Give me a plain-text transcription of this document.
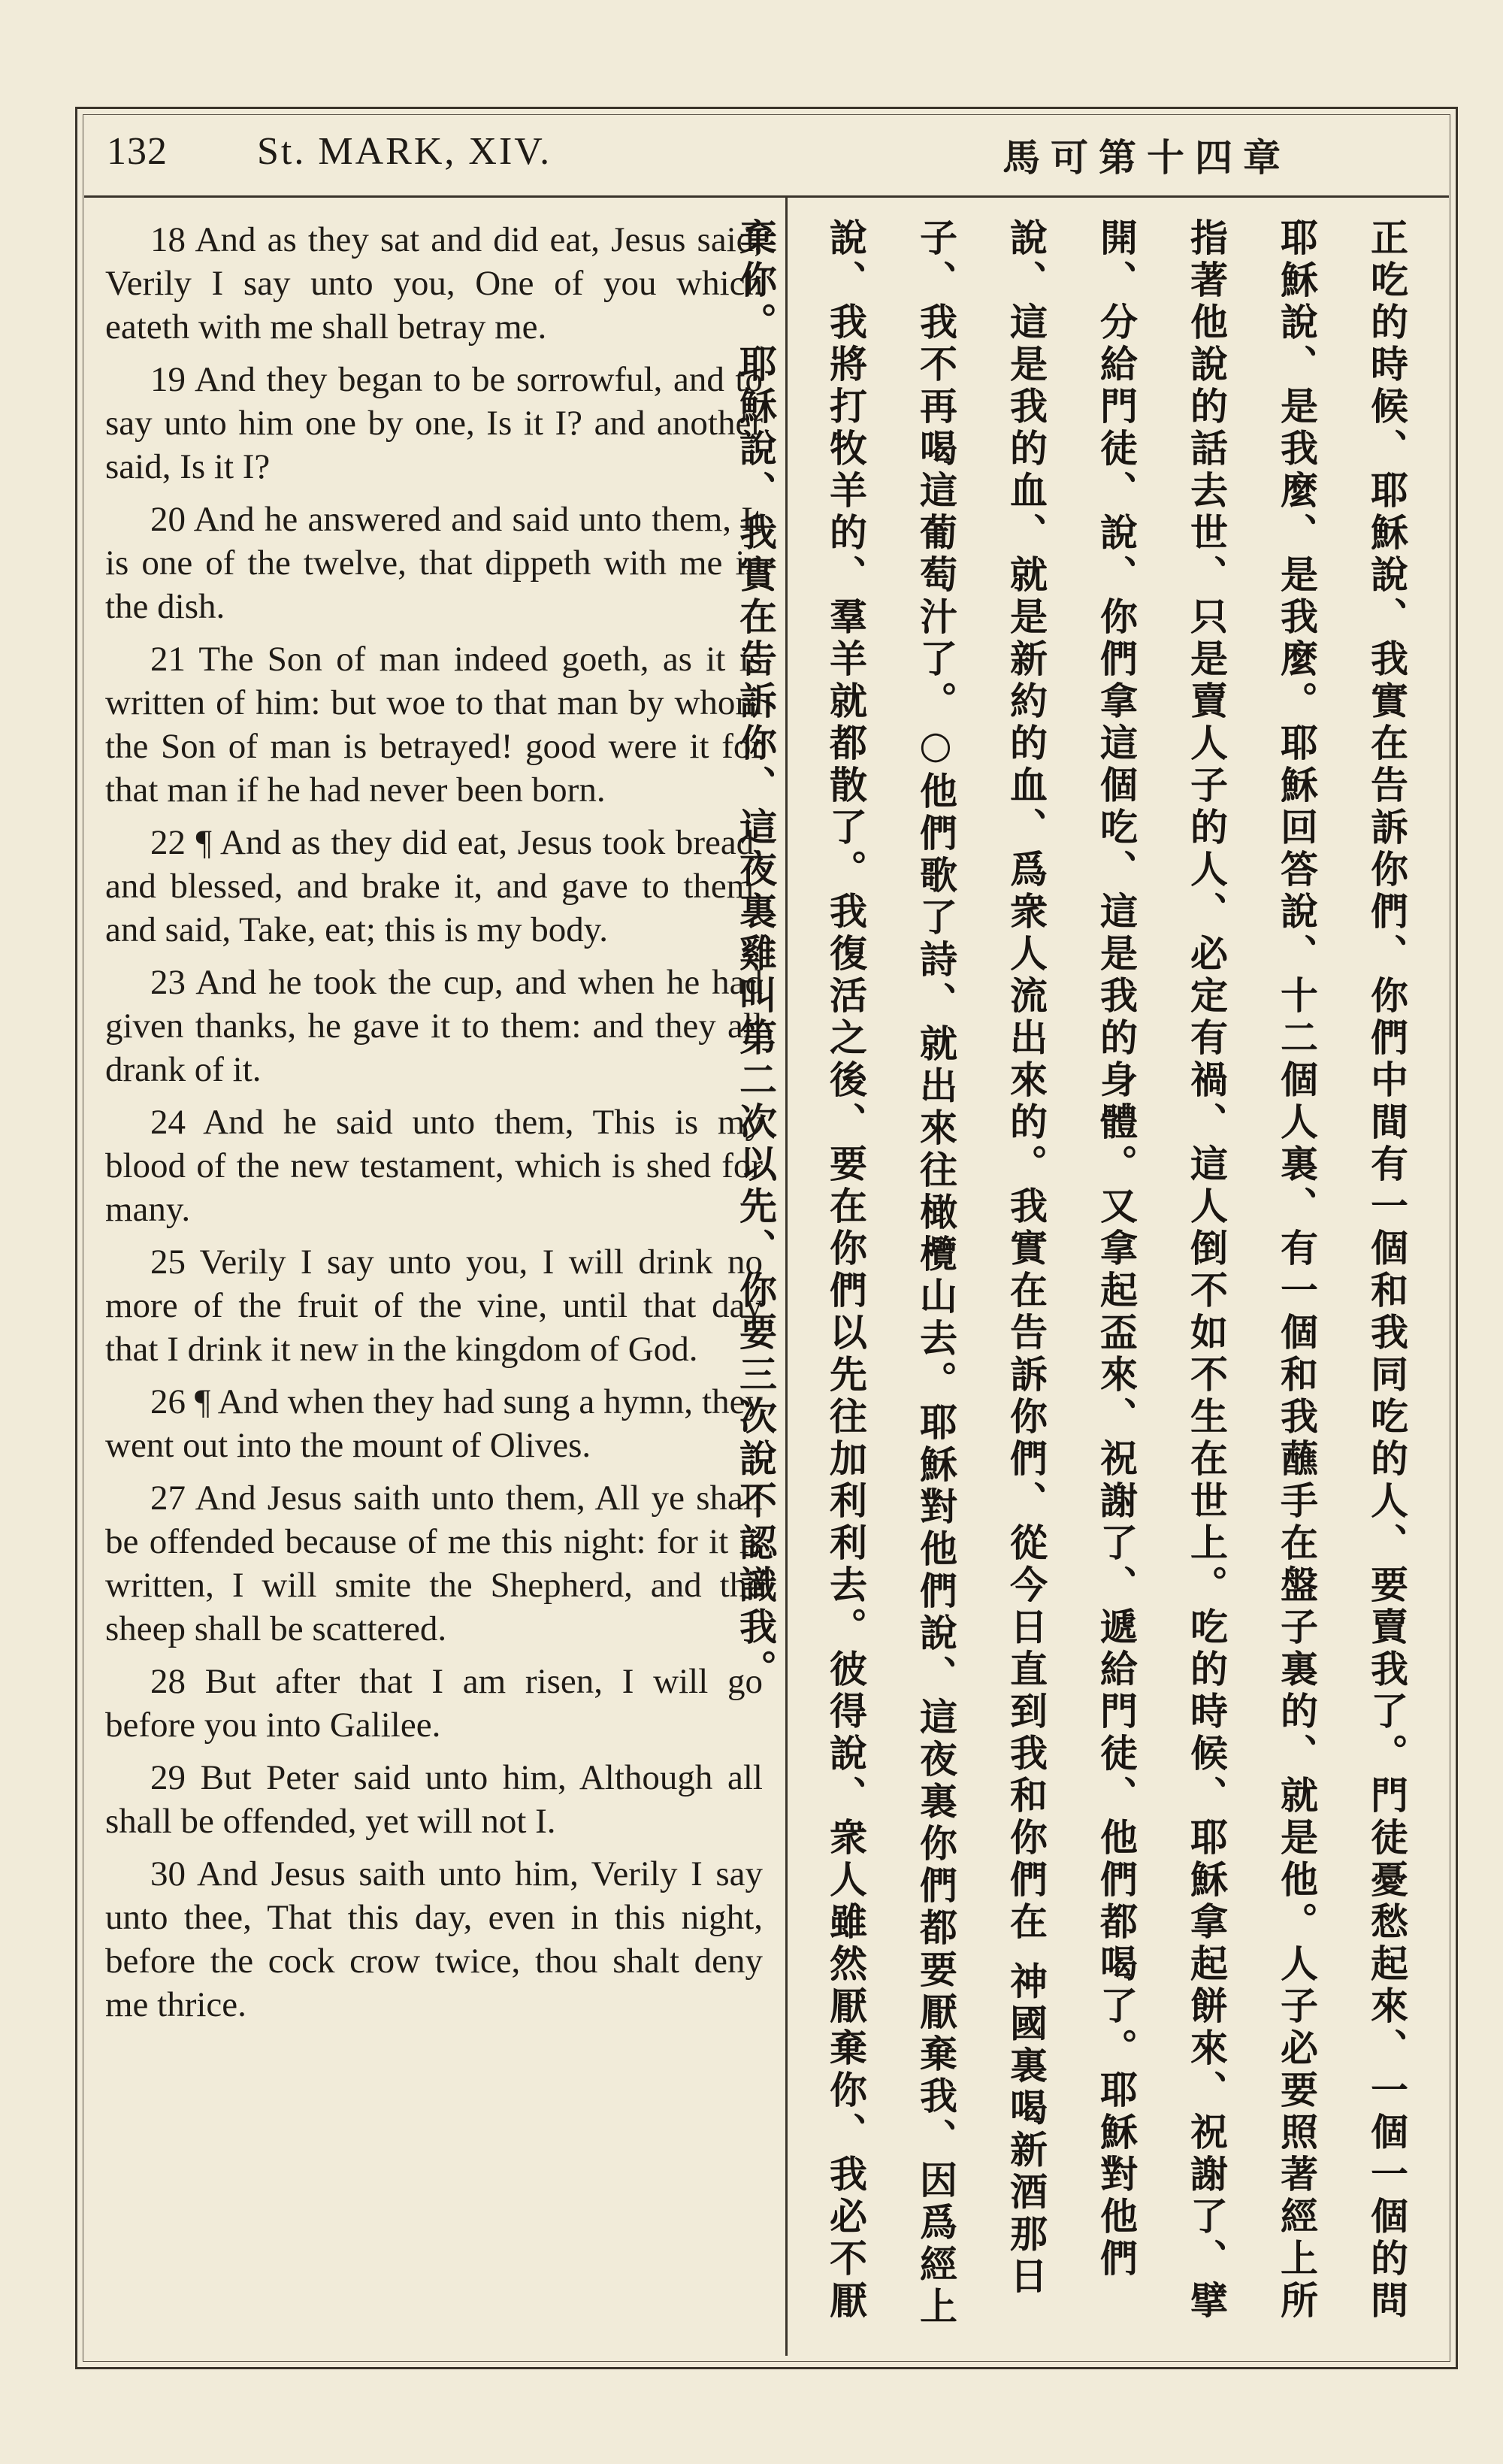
132 St. MARK, XIV.	馬可第十四章

18 And as they sat and did eat, Jesus said, Verily I say unto you, One of you which eateth with me shall betray me.

19 And they began to be sorrowful, and to say unto him one by one, Is it I? and another said, Is it I?

20 And he answered and said unto them, It is one of the twelve, that dippeth with me in the dish.

21 The Son of man indeed goeth, as it is written of him: but woe to that man by whom the Son of man is betrayed! good were it for that man if he had never been born.

22 ¶ And as they did eat, Jesus took bread, and blessed, and brake it, and gave to them, and said, Take, eat; this is my body.

23 And he took the cup, and when he had given thanks, he gave it to them: and they all drank of it.

24 And he said unto them, This is my blood of the new testament, which is shed for many.

25 Verily I say unto you, I will drink no more of the fruit of the vine, until that day that I drink it new in the kingdom of God.

26 ¶ And when they had sung a hymn, they went out into the mount of Olives.

27 And Jesus saith unto them, All ye shall be offended because of me this night: for it is written, I will smite the Shepherd, and the sheep shall be scattered.

28 But after that I am risen, I will go before you into Galilee.

29 But Peter said unto him, Although all shall be offended, yet will not I.

30 And Jesus saith unto him, Verily I say unto thee, That this day, even in this night, before the cock crow twice, thou shalt deny me thrice.	正吃的時候、耶穌說、我實在告訴你們、你們中間有一個和我同吃的人、要賣我了。門徒憂愁起來、一個一個的問耶穌說、是我麼、是我麼。耶穌回答說、十二個人裏、有一個和我蘸手在盤子裏的、就是他。人子必要照著經上所指著他說的話去世、只是賣人子的人、必定有禍、這人倒不如不生在世上。吃的時候、耶穌拿起餅來、祝謝了、擘開、分給門徒、說、你們拿這個吃、這是我的身體。又拿起盃來、祝謝了、遞給門徒、他們都喝了。耶穌對他們說、這是我的血、就是新約的血、爲衆人流出來的。我實在告訴你們、從今日直到我和你們在 神國裏喝新酒那日子、我不再喝這葡萄汁了。○他們歌了詩、就出來往橄欖山去。耶穌對他們說、這夜裏你們都要厭棄我、因爲經上說、我將打牧羊的、羣羊就都散了。我復活之後、要在你們以先往加利利去。彼得說、衆人雖然厭棄你、我必不厭棄你。耶穌說、我實在告訴你、這夜裏雞叫第二次以先、你要三次說不認識我。
